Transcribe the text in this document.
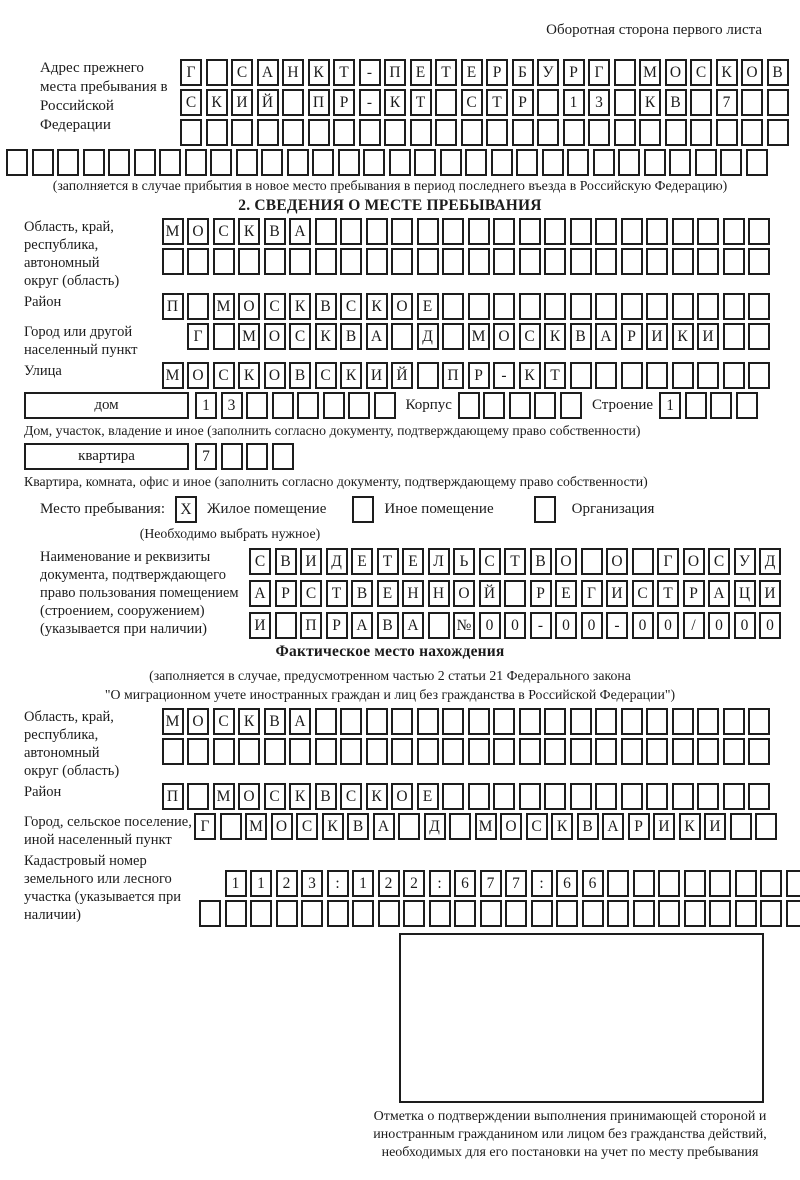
Оборотная сторона первого листа
Адрес прежнего места пребывания в Российской Федерации
Г	С А Н К	Т	-	П Е	Т	Е	Р	Б	У	Р	Г	М О С К О В
С К И Й	П	Р	-	К	Т	С	Т	Р	1	3	К В	7
(заполняется в случае прибытия в новое место пребывания в период последнего въезда в Российскую Федерацию)
2. СВЕДЕНИЯ О МЕСТЕ ПРЕБЫВАНИЯ
Область, край, республика, автономный округ (область)
М О С К В А
Район	П	М О С К В С К О Е
Город или другой населенный пункт
Г	М О С К В А	Д	М О С К В А	Р	И К И
Улица	М О С К О В С К И Й	П	Р	-	К	Т
дом	1	3	Корпус	Строение 1
Дом, участок, владение и иное (заполнить согласно документу, подтверждающему право собственности)
квартира	7
Квартира, комната, офис и иное (заполнить согласно документу, подтверждающему право собственности)
Место пребывания: X	Жилое помещение	Иное помещение	Организация
(Необходимо выбрать нужное)
Наименование и реквизиты документа, подтверждающего право пользования помещением (строением, сооружением) (указывается при наличии)
С В И Д Е	Т	Е	Л	Ь	С	Т	В О	О	Г О С У Д
А	Р	С	Т	В	Е Н Н О Й	Р	Е	Г И С	Т	Р	А Ц И
И	П	Р	А В А	№ 0	0	-	0	0	-	0	0	/	0	0	0
Фактическое место нахождения
(заполняется в случае, предусмотренном частью 2 статьи 21 Федерального закона
"О миграционном учете иностранных граждан и лиц без гражданства в Российской Федерации")
Область, край, республика, автономный округ (область)
М О С К В А
Район	П	М О С К В С К О Е
Город, сельское поселение, иной населенный пункт
Г	М О С К В А	Д	М О С К В А	Р	И К И
Кадастровый номер земельного или лесного участка (указывается при наличии)
1	1	2	3	:	1	2	2	:	6	7	7	:	6	6
Отметка о подтверждении выполнения принимающей стороной и иностранным гражданином или лицом без гражданства действий, необходимых для его постановки на учет по месту пребывания
